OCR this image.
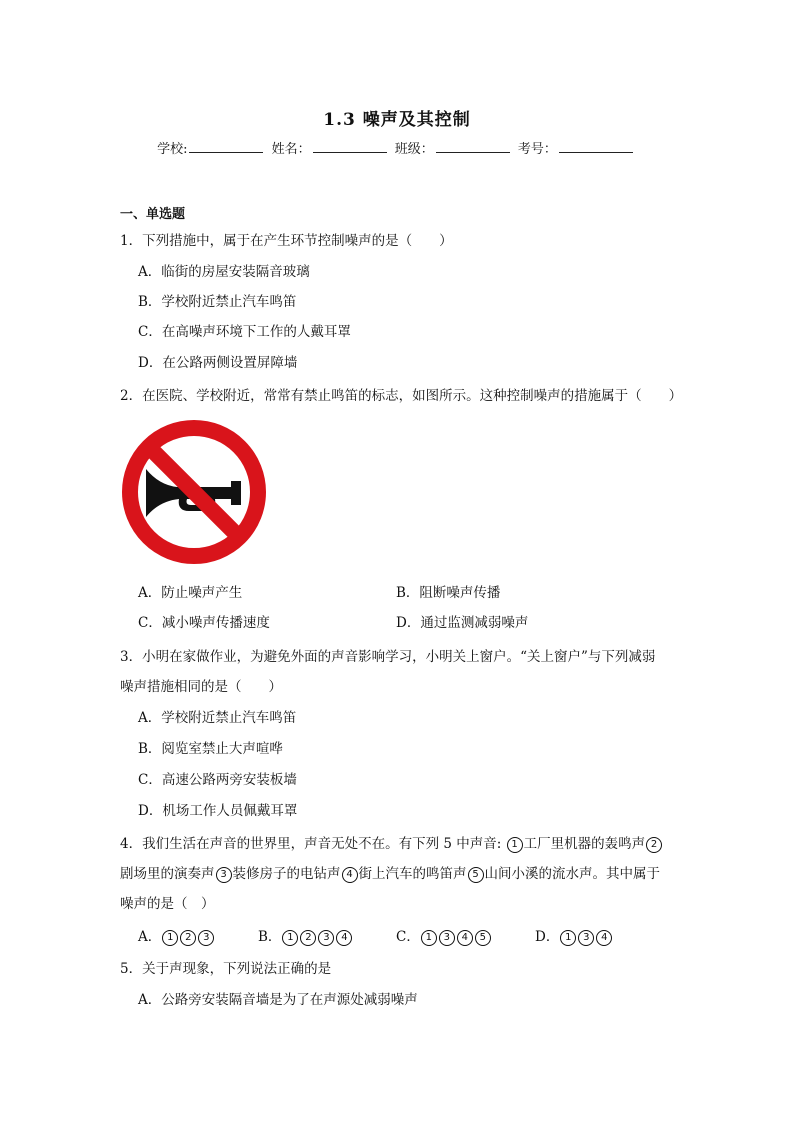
1.3 噪声及其控制
学校:	姓名：	班级：	考号：
一、单选题
1．下列措施中，属于在产生环节控制噪声的是（　　）
A．临街的房屋安装隔音玻璃
B．学校附近禁止汽车鸣笛
C．在高噪声环境下工作的人戴耳罩
D．在公路两侧设置屏障墙
2．在医院、学校附近，常常有禁止鸣笛的标志，如图所示。这种控制噪声的措施属于（　　）
A．防止噪声产生	B．阻断噪声传播
C．减小噪声传播速度	D．通过监测减弱噪声
3．小明在家做作业，为避免外面的声音影响学习，小明关上窗户。“关上窗户”与下列减弱
噪声措施相同的是（　　）
A．学校附近禁止汽车鸣笛
B．阅览室禁止大声喧哗
C．高速公路两旁安装板墙
D．机场工作人员佩戴耳罩
4．我们生活在声音的世界里，声音无处不在。有下列 5 中声音: 1 工厂里机器的轰鸣声 2
剧场里的演奏声 3 装修房子的电钻声 4 街上汽车的鸣笛声 5 山间小溪的流水声。其中属于
噪声的是（　）
A． 1 2 3	B． 1 2 3 4	C． 1 3 4 5	D． 1 3 4
5．关于声现象，下列说法正确的是
A．公路旁安装隔音墙是为了在声源处减弱噪声
